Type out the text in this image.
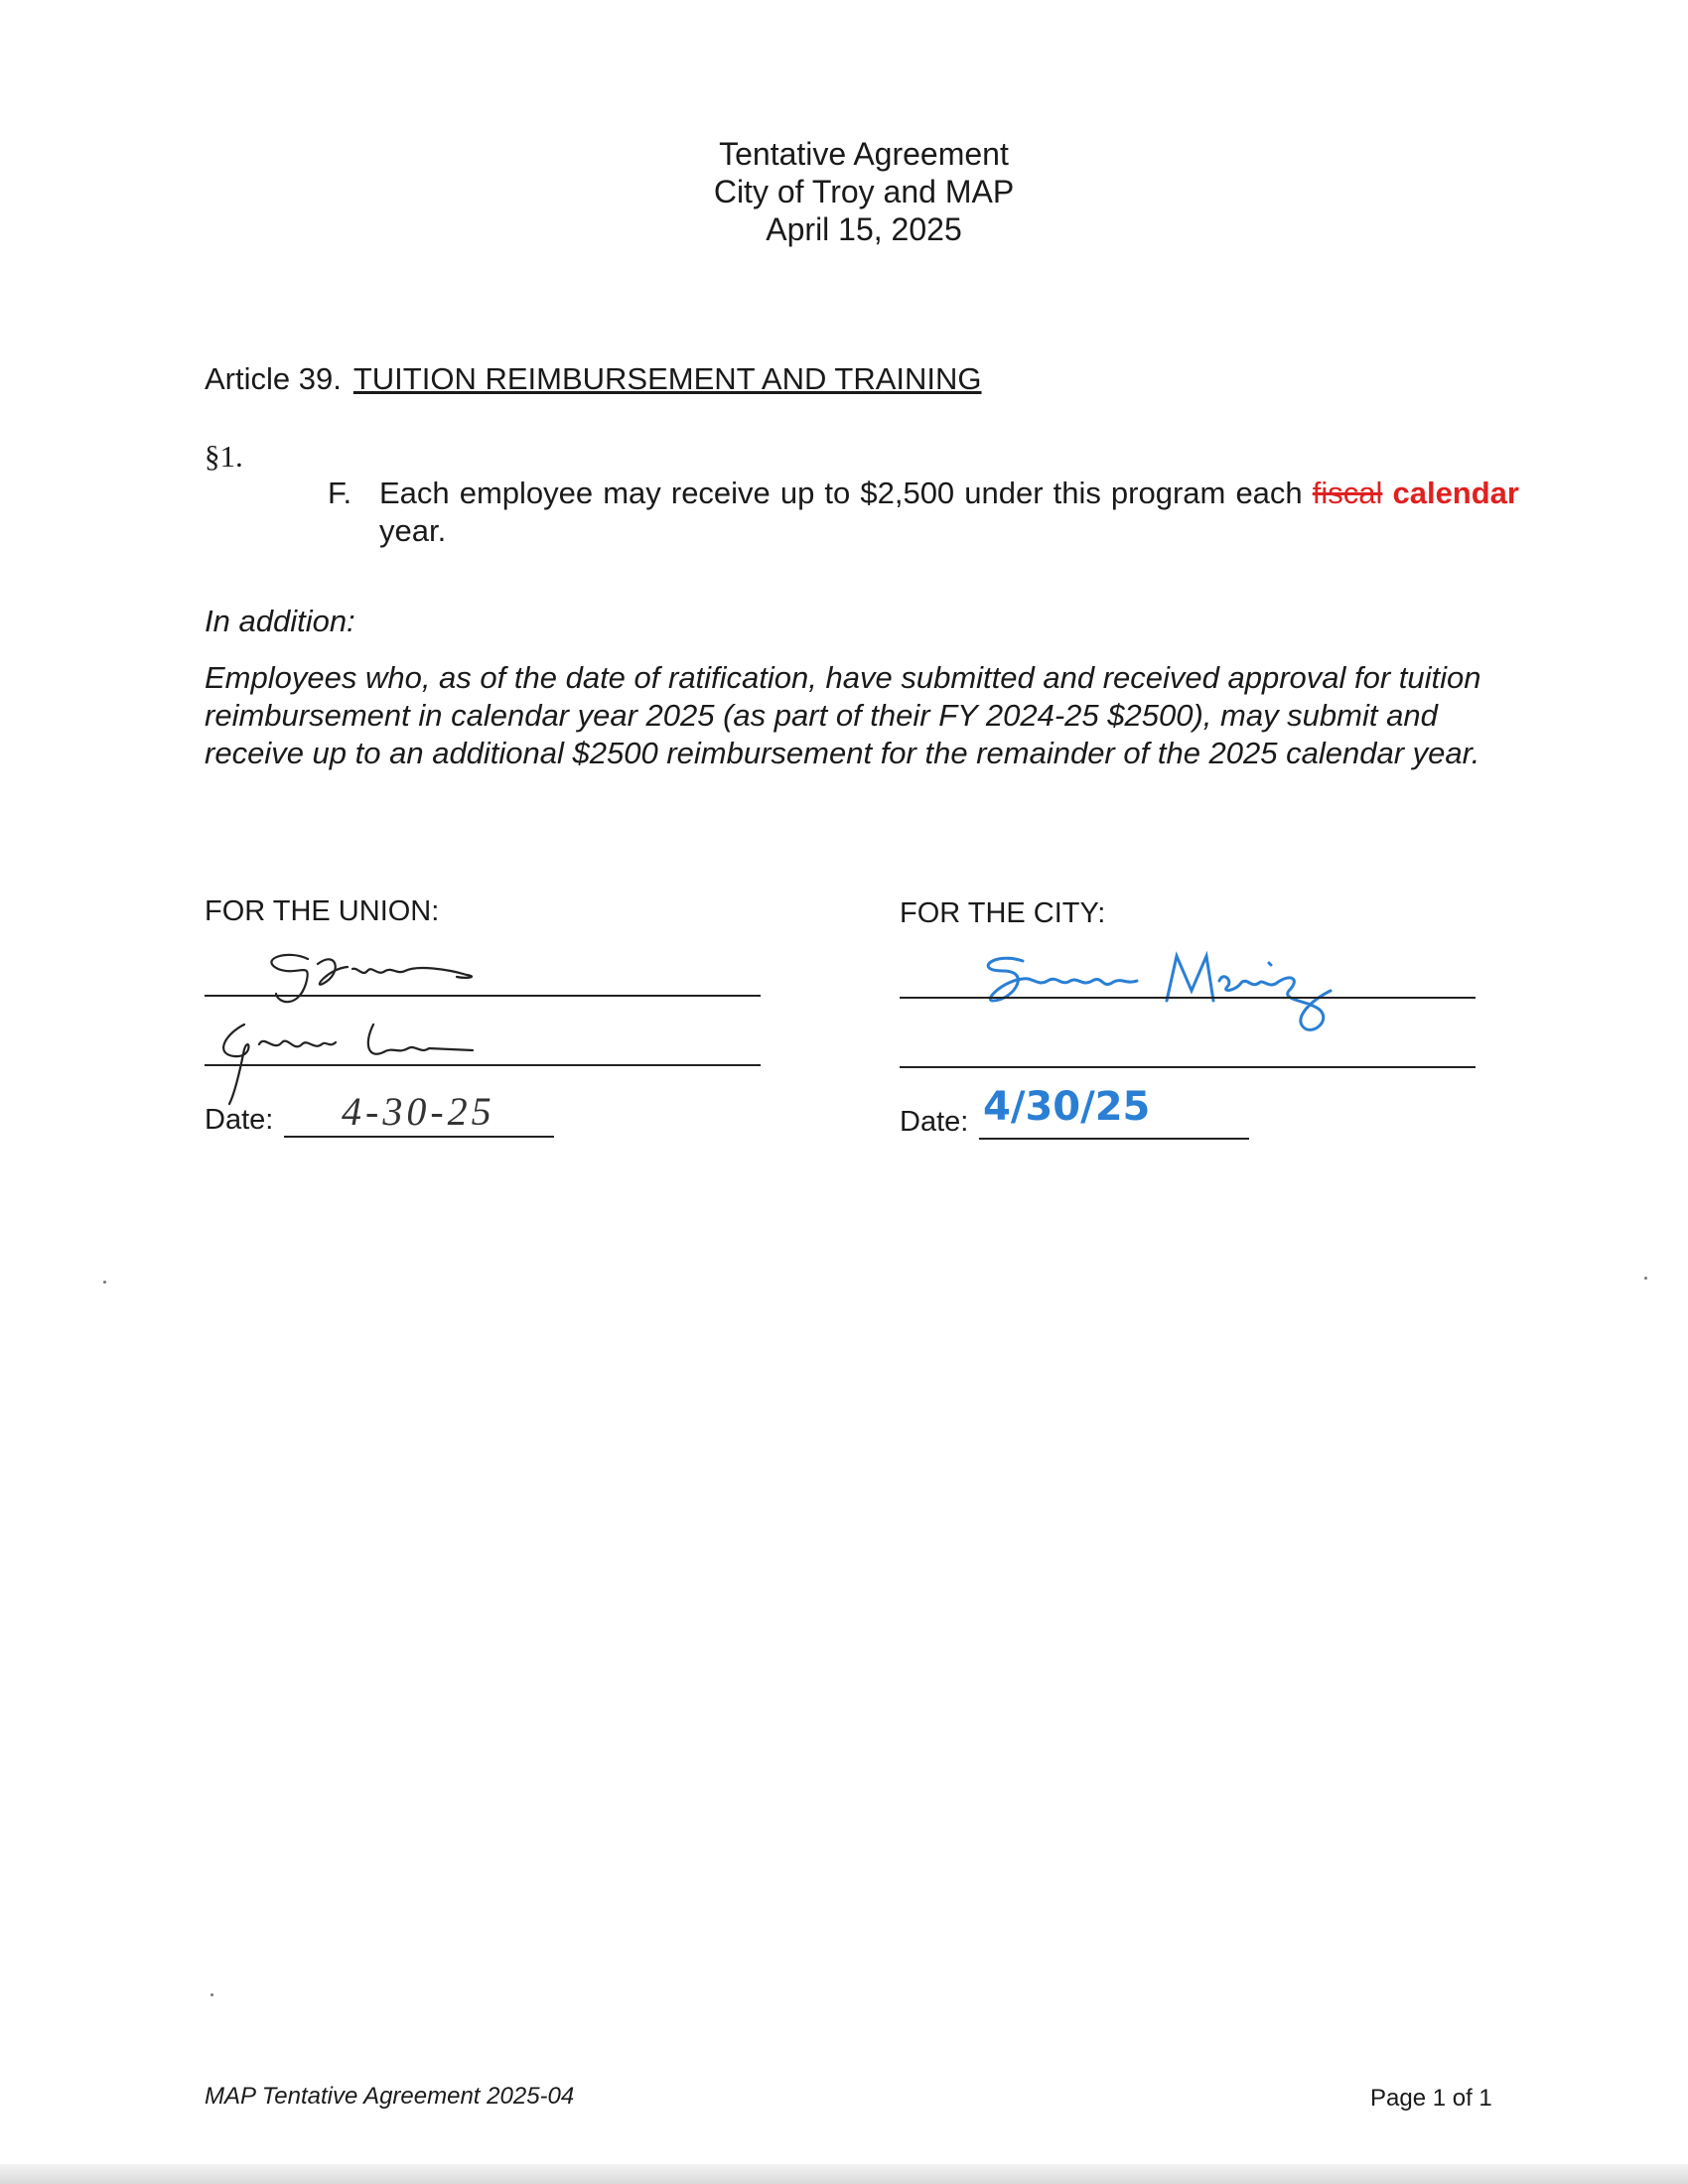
Tentative Agreement
City of Troy and MAP
April 15, 2025
Article 39. TUITION REIMBURSEMENT AND TRAINING
§1.
F. Each employee may receive up to $2,500 under this program each fiscal calendar year.
In addition:
Employees who, as of the date of ratification, have submitted and received approval for tuition reimbursement in calendar year 2025 (as part of their FY 2024-25 $2500), may submit and receive up to an additional $2500 reimbursement for the remainder of the 2025 calendar year.
FOR THE UNION:
Date: 4-30-25
FOR THE CITY:
Date: 4/30/25
MAP Tentative Agreement 2025-04	Page 1 of 1
